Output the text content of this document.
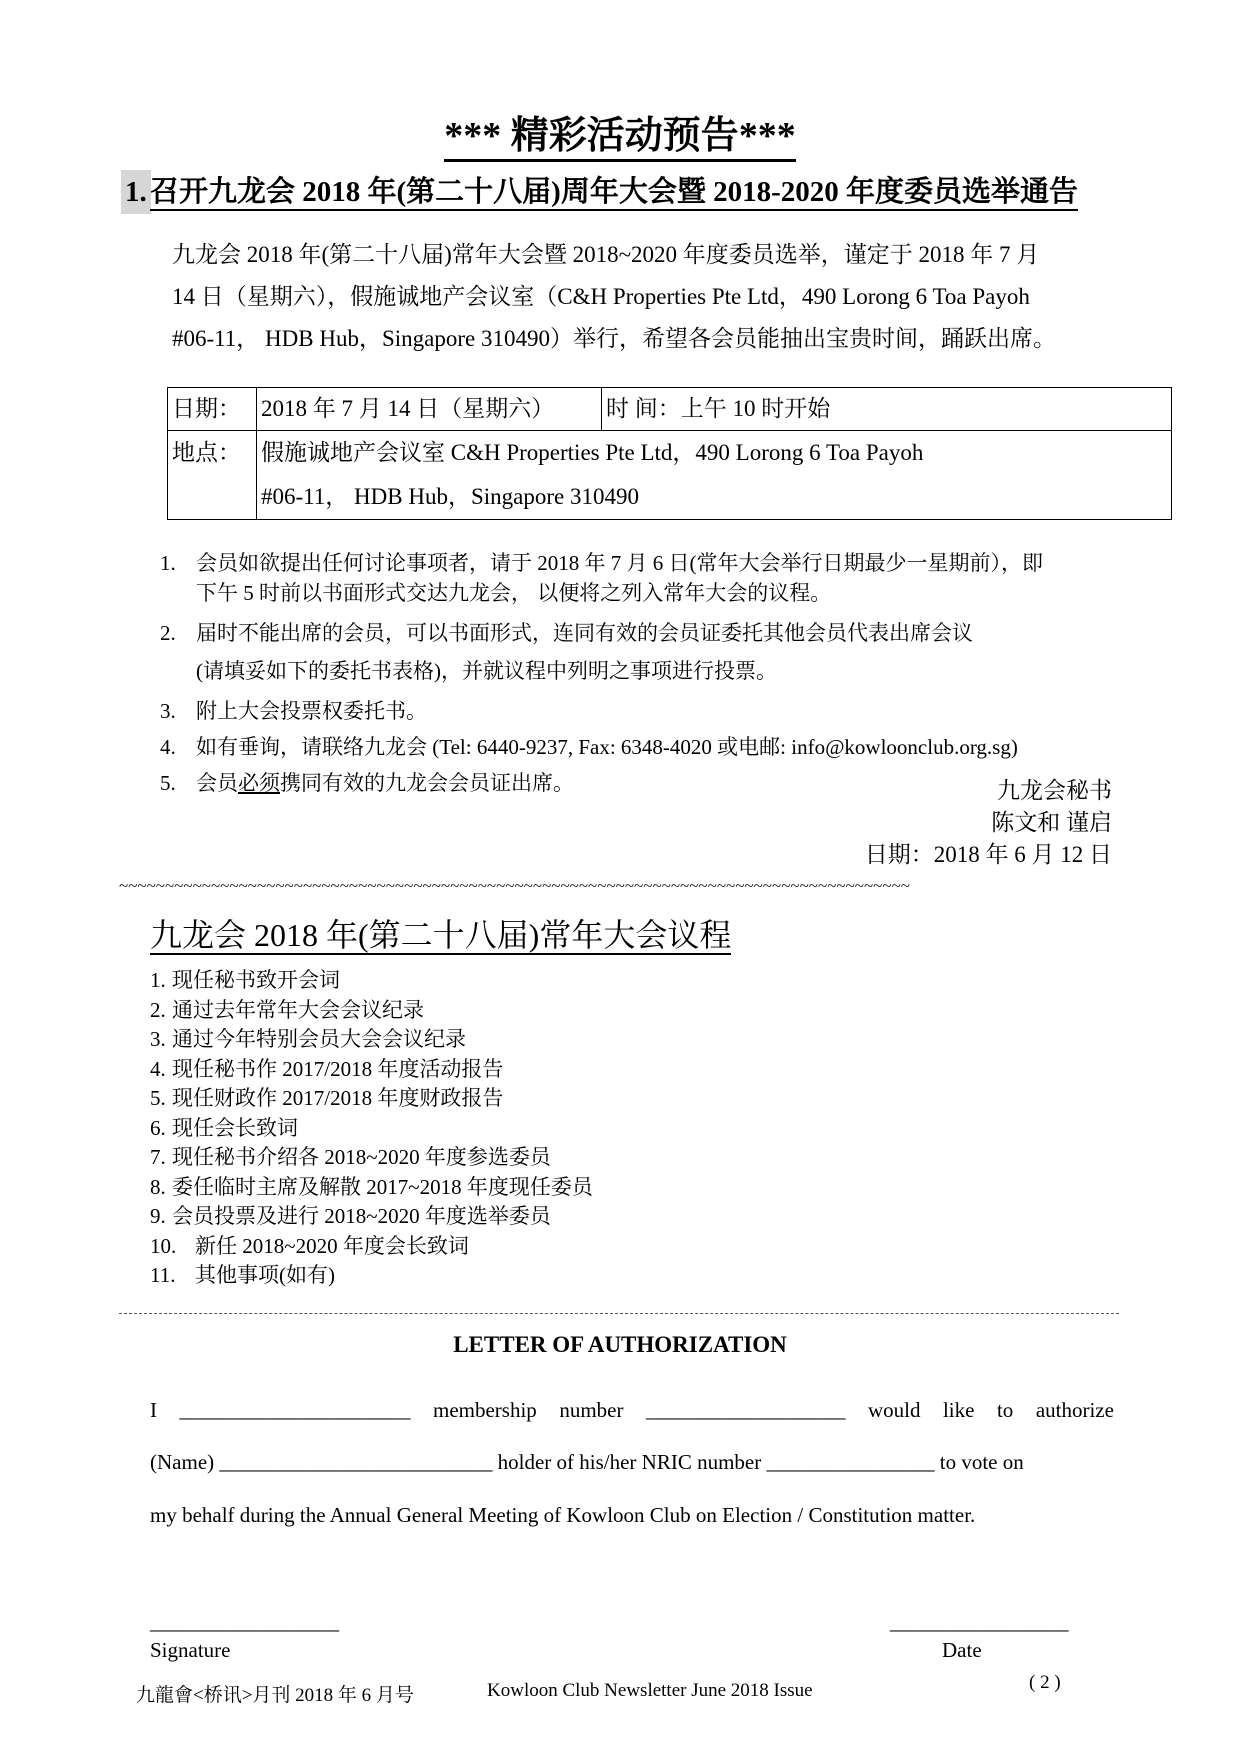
*** 精彩活动预告***
1. 召开九龙会 2018 年(第二十八届)周年大会暨 2018-2020 年度委员选举通告
九龙会 2018 年(第二十八届)常年大会暨 2018~2020 年度委员选举，谨定于 2018 年 7 月
14 日（星期六），假施诚地产会议室（C&H Properties Pte Ltd，490 Lorong 6 Toa Payoh
#06-11， HDB Hub，Singapore 310490）举行，希望各会员能抽出宝贵时间，踊跃出席。
日期：	2018 年 7 月 14 日（星期六）	时 间：上午 10 时开始
地点：	假施诚地产会议室 C&H Properties Pte Ltd，490 Lorong 6 Toa Payoh
#06-11， HDB Hub，Singapore 310490	
1. 会员如欲提出任何讨论事项者，请于 2018 年 7 月 6 日(常年大会举行日期最少一星期前），即
下午 5 时前以书面形式交达九龙会， 以便将之列入常年大会的议程。
2. 届时不能出席的会员，可以书面形式，连同有效的会员证委托其他会员代表出席会议
(请填妥如下的委托书表格)，并就议程中列明之事项进行投票。
3. 附上大会投票权委托书。
4. 如有垂询，请联络九龙会 (Tel: 6440-9237, Fax: 6348-4020 或电邮: info@kowloonclub.org.sg)
5. 会员必须携同有效的九龙会会员证出席。	九龙会秘书
陈文和 谨启
日期：2018 年 6 月 12 日
~~~~~~~~~~~~~~~~~~~~~~~~~~~~~~~~~~~~~~~~~~~~~~~~~~~~~~~~~~~~~~~~~~~~~~~~~~~~~~~~~~~~~~
九龙会 2018 年(第二十八届)常年大会议程
1. 现任秘书致开会词
2. 通过去年常年大会会议纪录
3. 通过今年特别会员大会会议纪录
4. 现任秘书作 2017/2018 年度活动报告
5. 现任财政作 2017/2018 年度财政报告
6. 现任会长致词
7. 现任秘书介绍各 2018~2020 年度参选委员
8. 委任临时主席及解散 2017~2018 年度现任委员
9. 会员投票及进行 2018~2020 年度选举委员
10. 新任 2018~2020 年度会长致词
11. 其他事项(如有)
LETTER OF AUTHORIZATION
I ______________________ membership number ___________________ would like to authorize
(Name) __________________________ holder of his/her NRIC number ________________ to vote on
my behalf during the Annual General Meeting of Kowloon Club on Election / Constitution matter.
__________________
Signature
_________________
Date
九龍會<桥讯>月刊 2018 年 6 月号	Kowloon Club Newsletter June 2018 Issue	( 2 )
